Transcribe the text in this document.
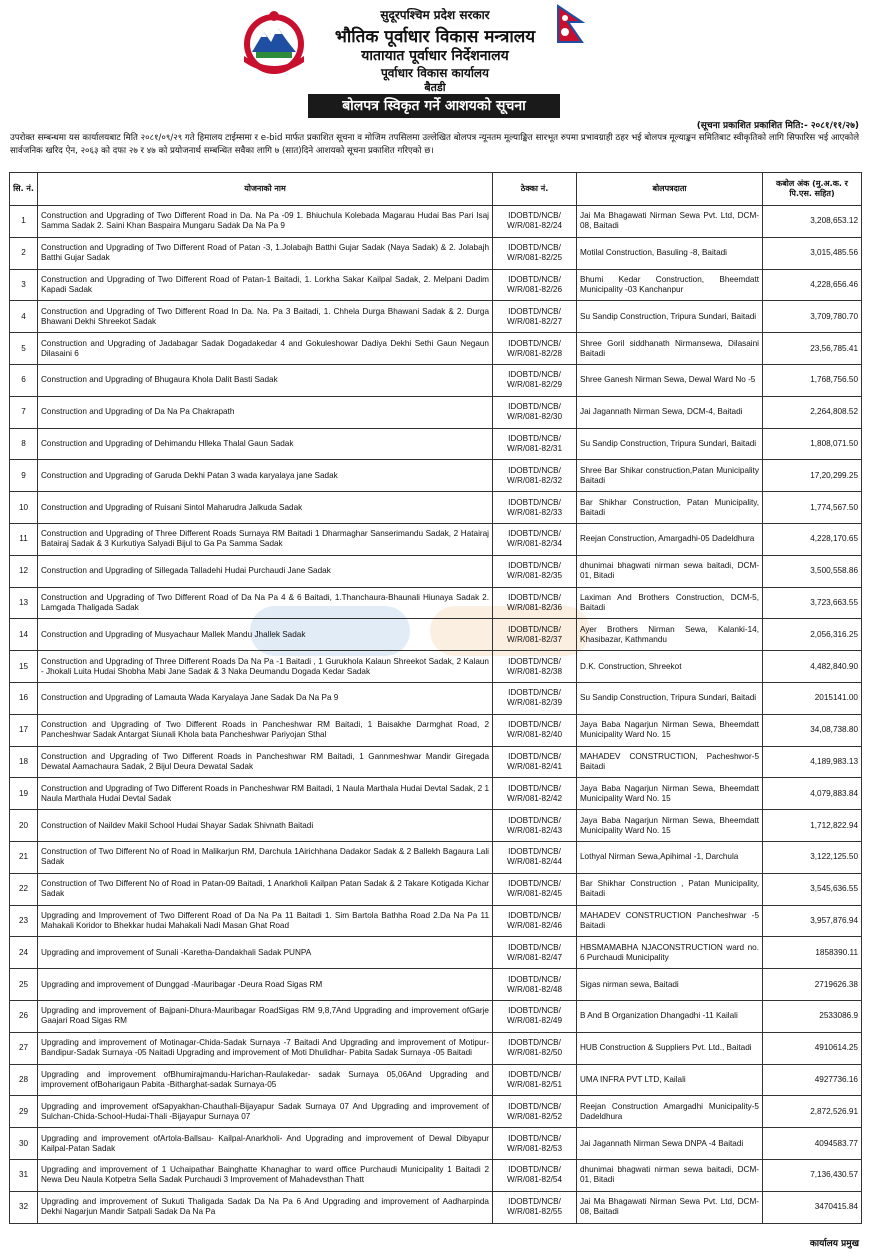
सुदूरपश्चिम प्रदेश सरकार
भौतिक पूर्वाधार विकास मन्त्रालय
यातायात पूर्वाधार निर्देशनालय
पूर्वाधार विकास कार्यालय
बैतडी
बोलपत्र स्विकृत गर्ने आशयको सूचना
(सूचना प्रकाशित प्रकाशित मिति:- २०८१/११/२७)
उपरोक्त सम्बन्धमा यस कार्यालयबाट मिति २०८१/०९/२९ गते हिमालय टाईम्समा र e-bid मार्फत प्रकाशित सूचना व मोजिम तपसिलमा उल्लेखित बोलपत्र न्यूनतम मूल्याङ्कित सारभूत रुपमा प्रभावग्राही ठहर भई बोलपत्र मूल्याङ्कन समितिबाट स्वीकृतिको लागि सिफारिस भई आएकोले सार्वजनिक खरिद ऐन, २०६३ को दफा २७ र ४७ को प्रयोजनार्थ सम्बन्धित सवैका लागि ७ (सात)दिने आशयको सूचना प्रकाशित गरिएको छ।
सि. नं.	योजनाको नाम	ठेक्का नं.	बोलपत्रदाता	कबोल अंक (मु.अ.क. र पि.एस. सहित)
1	Construction and Upgrading of Two Different Road in Da. Na Pa -09 1. Bhiuchula Kolebada Magarau Hudai Bas Pari Isaj Samma Sadak 2. Saini Khan Baspaira Mungaru Sadak Da Na Pa 9	IDOBTD/NCB/ W/R/081-82/24	Jai Ma Bhagawati Nirman Sewa Pvt. Ltd, DCM-08, Baitadi	3,208,653.12
2	Construction and Upgrading of Two Different Road of Patan -3, 1.Jolabajh Batthi Gujar Sadak (Naya Sadak) & 2. Jolabajh Batthi Gujar Sadak	IDOBTD/NCB/ W/R/081-82/25	Motilal Construction, Basuling -8, Baitadi	3,015,485.56
3	Construction and Upgrading of Two Different Road of Patan-1 Baitadi, 1. Lorkha Sakar Kailpal Sadak, 2. Melpani Dadim Kapadi Sadak	IDOBTD/NCB/ W/R/081-82/26	Bhumi Kedar Construction, Bheemdatt Municipality -03 Kanchanpur	4,228,656.46
4	Construction and Upgrading of Two Different Road In Da. Na. Pa 3 Baitadi, 1. Chhela Durga Bhawani Sadak & 2. Durga Bhawani Dekhi Shreekot Sadak	IDOBTD/NCB/ W/R/081-82/27	Su Sandip Construction, Tripura Sundari, Baitadi	3,709,780.70
5	Construction and Upgrading of Jadabagar Sadak Dogadakedar 4 and Gokuleshowar Dadiya Dekhi Sethi Gaun Negaun Dilasaini 6	IDOBTD/NCB/ W/R/081-82/28	Shree Goril siddhanath Nirmansewa, Dilasaini Baitadi	23,56,785.41
6	Construction and Upgrading of Bhugaura Khola Dalit Basti Sadak	IDOBTD/NCB/ W/R/081-82/29	Shree Ganesh Nirman Sewa, Dewal Ward No -5	1,768,756.50
7	Construction and Upgrading of Da Na Pa Chakrapath	IDOBTD/NCB/ W/R/081-82/30	Jai Jagannath Nirman Sewa, DCM-4, Baitadi	2,264,808.52
8	Construction and Upgrading of Dehimandu Hlleka Thalal Gaun Sadak	IDOBTD/NCB/ W/R/081-82/31	Su Sandip Construction, Tripura Sundari, Baitadi	1,808,071.50
9	Construction and Upgrading of Garuda Dekhi Patan 3 wada karyalaya jane Sadak	IDOBTD/NCB/ W/R/081-82/32	Shree Bar Shikar construction,Patan Municipality Baitadi	17,20,299.25
10	Construction and Upgrading of Ruisani Sintol Maharudra Jalkuda Sadak	IDOBTD/NCB/ W/R/081-82/33	Bar Shikhar Construction, Patan Municipality, Baitadi	1,774,567.50
11	Construction and Upgrading of Three Different Roads Surnaya RM Baitadi 1 Dharmaghar Sanserimandu Sadak, 2 Hatairaj Batairaj Sadak & 3 Kurkutiya Salyadi Bijul to Ga Pa Samma Sadak	IDOBTD/NCB/ W/R/081-82/34	Reejan Construction, Amargadhi-05 Dadeldhura	4,228,170.65
12	Construction and Upgrading of Sillegada Talladehi Hudai Purchaudi Jane Sadak	IDOBTD/NCB/ W/R/081-82/35	dhunimai bhagwati nirman sewa baitadi, DCM-01, Bitadi	3,500,558.86
13	Construction and Upgrading of Two Different Road of Da Na Pa 4 & 6 Baitadi, 1.Thanchaura-Bhaunali Hiunaya Sadak 2. Lamgada Thaligada Sadak	IDOBTD/NCB/ W/R/081-82/36	Laximan And Brothers Construction, DCM-5, Baitadi	3,723,663.55
14	Construction and Upgrading of Musyachaur Mallek Mandu Jhallek Sadak	IDOBTD/NCB/ W/R/081-82/37	Ayer Brothers Nirman Sewa, Kalanki-14, Khasibazar, Kathmandu	2,056,316.25
15	Construction and Upgrading of Three Different Roads Da Na Pa -1 Baitadi , 1 Gurukhola Kalaun Shreekot Sadak, 2 Kalaun - Jhokali Luita Hudai Shobha Mabi Jane Sadak & 3 Naka Deumandu Dogada Kedar Sadak	IDOBTD/NCB/ W/R/081-82/38	D.K. Construction, Shreekot	4,482,840.90
16	Construction and Upgrading of Lamauta Wada Karyalaya Jane Sadak Da Na Pa 9	IDOBTD/NCB/ W/R/081-82/39	Su Sandip Construction, Tripura Sundari, Baitadi	2015141.00
17	Construction and Upgrading of Two Different Roads in Pancheshwar RM Baitadi, 1 Baisakhe Darmghat Road, 2 Pancheshwar Sadak Antargat Siunali Khola bata Pancheshwar Pariyojan Sthal	IDOBTD/NCB/ W/R/081-82/40	Jaya Baba Nagarjun Nirman Sewa, Bheemdatt Municipality Ward No. 15	34,08,738.80
18	Construction and Upgrading of Two Different Roads in Pancheshwar RM Baitadi, 1 Gannmeshwar Mandir Giregada Dewatal Aamachaura Sadak, 2 Bijul Deura Dewatal Sadak	IDOBTD/NCB/ W/R/081-82/41	MAHADEV CONSTRUCTION, Pacheshwor-5 Baitadi	4,189,983.13
19	Construction and Upgrading of Two Different Roads in Pancheshwar RM Baitadi, 1 Naula Marthala Hudai Devtal Sadak, 2 1 Naula Marthala Hudai Devtal Sadak	IDOBTD/NCB/ W/R/081-82/42	Jaya Baba Nagarjun Nirman Sewa, Bheemdatt Municipality Ward No. 15	4,079,883.84
20	Construction of Naildev Makil School Hudai Shayar Sadak Shivnath Baitadi	IDOBTD/NCB/ W/R/081-82/43	Jaya Baba Nagarjun Nirman Sewa, Bheemdatt Municipality Ward No. 15	1,712,822.94
21	Construction of Two Different No of Road in Malikarjun RM, Darchula 1Airichhana Dadakor Sadak & 2 Ballekh Bagaura Lali Sadak	IDOBTD/NCB/ W/R/081-82/44	Lothyal Nirman Sewa,Apihimal -1, Darchula	3,122,125.50
22	Construction of Two Different No of Road in Patan-09 Baitadi, 1 Anarkholi Kailpan Patan Sadak & 2 Takare Kotigada Kichar Sadak	IDOBTD/NCB/ W/R/081-82/45	Bar Shikhar Construction , Patan Municipality, Baitadi	3,545,636.55
23	Upgrading and Improvement of Two Different Road of Da Na Pa 11 Baitadi 1. Sim Bartola Bathha Road 2.Da Na Pa 11 Mahakali Koridor to Bhekkar hudai Mahakali Nadi Masan Ghat Road	IDOBTD/NCB/ W/R/081-82/46	MAHADEV CONSTRUCTION Pancheshwar -5 Baitadi	3,957,876.94
24	Upgrading and improvement of Sunali -Karetha-Dandakhali Sadak PUNPA	IDOBTD/NCB/ W/R/081-82/47	HBSMAMABHA NJACONSTRUCTION ward no. 6 Purchaudi Municipality	1858390.11
25	Upgrading and improvement of Dunggad -Mauribagar -Deura Road Sigas RM	IDOBTD/NCB/ W/R/081-82/48	Sigas nirman sewa, Baitadi	2719626.38
26	Upgrading and improvement of Bajpani-Dhura-Mauribagar RoadSigas RM 9,8,7And Upgrading and improvement ofGarje Gaajari Road Sigas RM	IDOBTD/NCB/ W/R/081-82/49	B And B Organization Dhangadhi -11 Kailali	2533086.9
27	Upgrading and improvement of Motinagar-Chida-Sadak Surnaya -7 Baitadi And Upgrading and improvement of Motipur-Bandipur-Sadak Surnaya -05 Naitadi Upgrading and improvement of Moti Dhulidhar- Pabita Sadak Surnaya -05 Baitadi	IDOBTD/NCB/ W/R/081-82/50	HUB Construction & Suppliers Pvt. Ltd., Baitadi	4910614.25
28	Upgrading and improvement ofBhumirajmandu-Harichan-Raulakedar- sadak Surnaya 05,06And Upgrading and improvement ofBoharigaun Pabita -Bitharghat-sadak Surnaya-05	IDOBTD/NCB/ W/R/081-82/51	UMA INFRA PVT LTD, Kailali	4927736.16
29	Upgrading and improvement ofSapyakhan-Chauthali-Bijayapur Sadak Surnaya 07 And Upgrading and improvement of Sulchan-Chida-School-Hudai-Thali -Bijayapur Surnaya 07	IDOBTD/NCB/ W/R/081-82/52	Reejan Construction Amargadhi Municipality-5 Dadeldhura	2,872,526.91
30	Upgrading and improvement ofArtola-Ballsau- Kailpal-Anarkholi- And Upgrading and improvement of Dewal Dibyapur Kailpal-Patan Sadak	IDOBTD/NCB/ W/R/081-82/53	Jai Jagannath Nirman Sewa DNPA -4 Baitadi	4094583.77
31	Upgrading and improvement of 1 Uchaipathar Bainghatte Khanaghar to ward office Purchaudi Municipality 1 Baitadi 2 Newa Deu Naula Kotpetra Sella Sadak Purchaudi 3 Improvement of Mahadevsthan Thatt	IDOBTD/NCB/ W/R/081-82/54	dhunimai bhagwati nirman sewa baitadi, DCM-01, Bitadi	7,136,430.57
32	Upgrading and improvement of Sukuti Thaligada Sadak Da Na Pa 6 And Upgrading and improvement of Aadharpinda Dekhi Nagarjun Mandir Satpali Sadak Da Na Pa	IDOBTD/NCB/ W/R/081-82/55	Jai Ma Bhagawati Nirman Sewa Pvt. Ltd, DCM-08, Baitadi	3470415.84
कार्यालय प्रमुख
